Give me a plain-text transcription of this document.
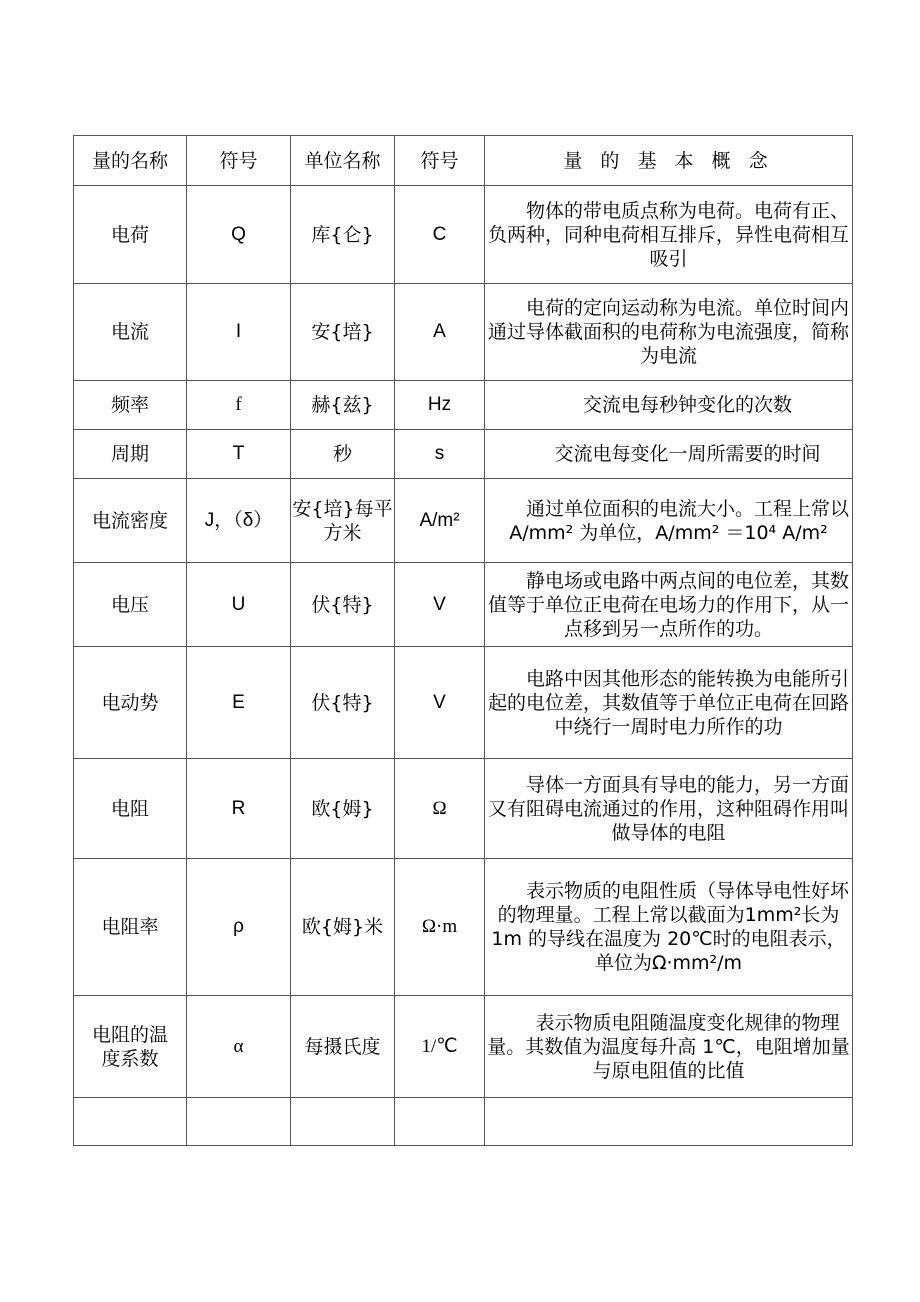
量的名称	符号	单位名称	符号	量 的 基 本 概 念
电荷	Q	库{仑}	C	物体的带电质点称为电荷。电荷有正、负两种，同种电荷相互排斥，异性电荷相互吸引
电流	I	安{培}	A	电荷的定向运动称为电流。单位时间内通过导体截面积的电荷称为电流强度，简称为电流
频率	f	赫{兹}	Hz	交流电每秒钟变化的次数
周期	T	秒	s	交流电每变化一周所需要的时间
电流密度	J，（δ）	安{培}每平方米	A/m²	通过单位面积的电流大小。工程上常以 A/mm² 为单位，A/mm² ＝10⁴ A/m²
电压	U	伏{特}	V	静电场或电路中两点间的电位差，其数值等于单位正电荷在电场力的作用下，从一点移到另一点所作的功。
电动势	E	伏{特}	V	电路中因其他形态的能转换为电能所引起的电位差，其数值等于单位正电荷在回路中绕行一周时电力所作的功
电阻	R	欧{姆}	Ω	导体一方面具有导电的能力，另一方面又有阻碍电流通过的作用，这种阻碍作用叫做导体的电阻
电阻率	ρ	欧{姆}米	Ω·m	表示物质的电阻性质（导体导电性好坏的物理量。工程上常以截面为1mm²长为 1m 的导线在温度为 20℃时的电阻表示，单位为Ω·mm²/m
电阻的温度系数	α	每摄氏度	1/℃	表示物质电阻随温度变化规律的物理量。其数值为温度每升高 1℃，电阻增加量与原电阻值的比值
